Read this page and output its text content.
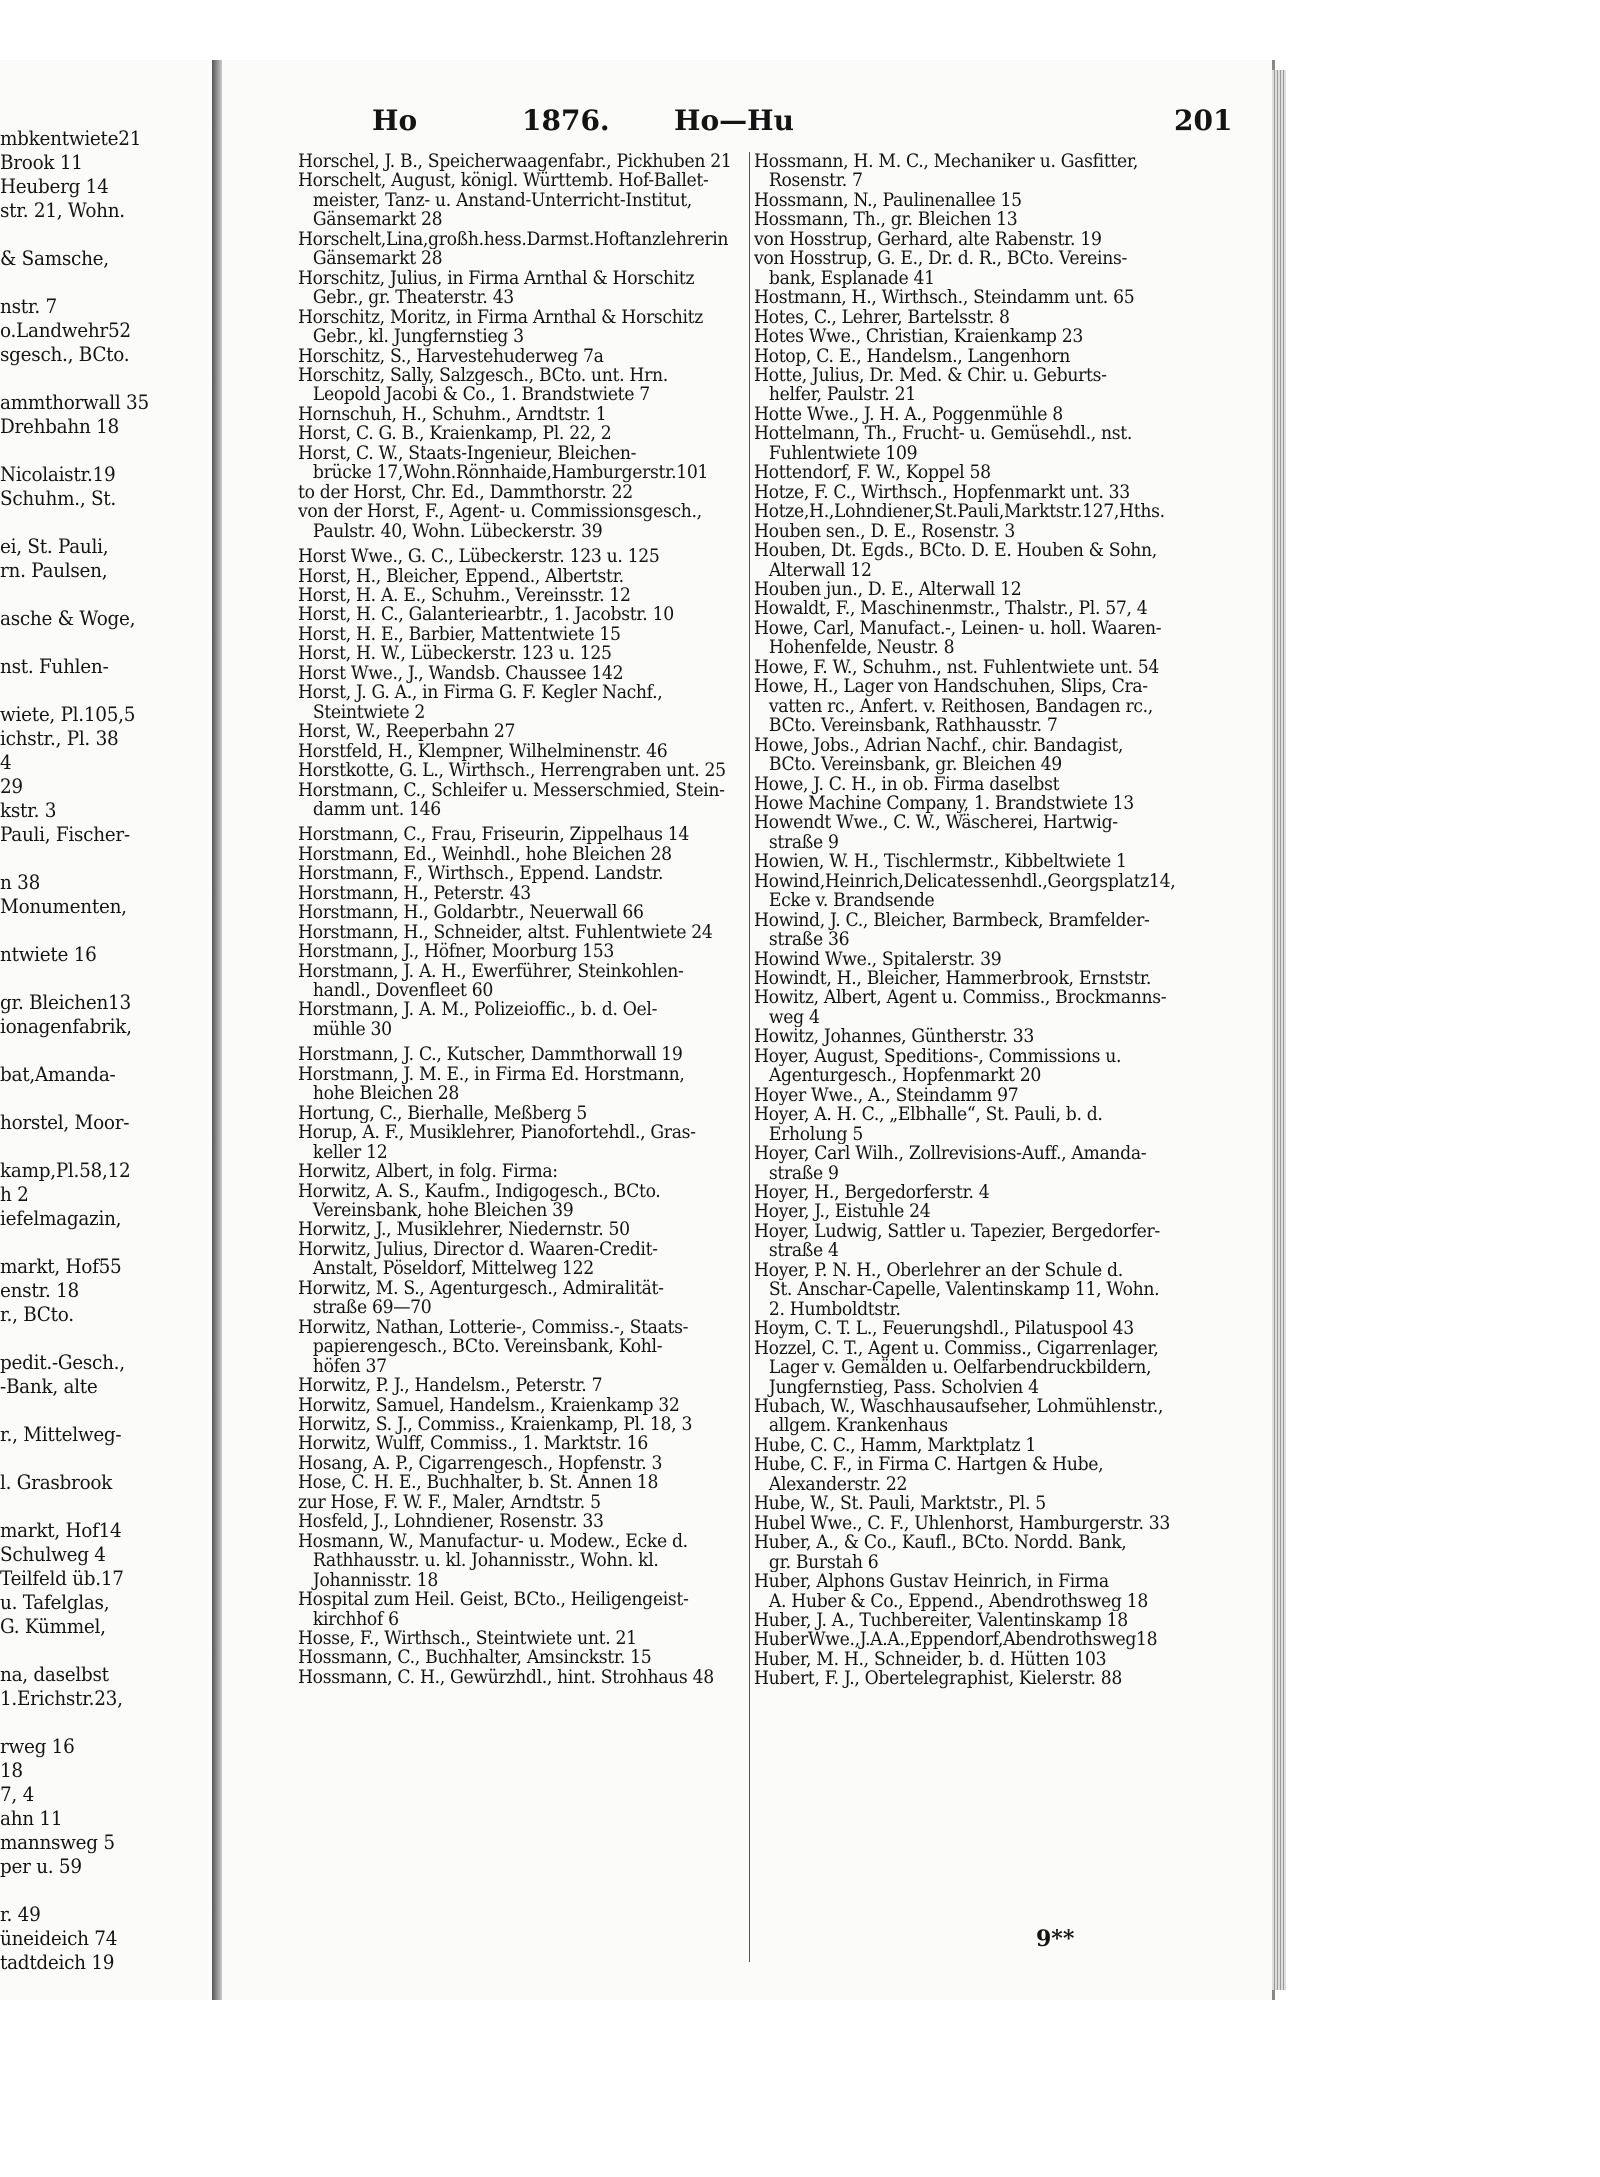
mbkentwiete21
Brook 11
Heuberg 14
str. 21, Wohn.
& Samsche,
nstr. 7
o.Landwehr52
sgesch., BCto.
ammthorwall 35
Drehbahn 18
Nicolaistr.19
Schuhm., St.
ei, St. Pauli,
rn. Paulsen,
asche & Woge,
nst. Fuhlen-
wiete, Pl.105,5
ichstr., Pl. 38
4
29
kstr. 3
Pauli, Fischer-
n 38
Monumenten,
ntwiete 16
gr. Bleichen13
ionagenfabrik,
bat,Amanda-
horstel, Moor-
kamp,Pl.58,12
h 2
iefelmagazin,
markt, Hof55
enstr. 18
r., BCto.
pedit.-Gesch.,
-Bank, alte
r., Mittelweg-
l. Grasbrook
markt, Hof14
Schulweg 4
Teilfeld üb.17
u. Tafelglas,
G. Kümmel,
na, daselbst
1.Erichstr.23,
rweg 16
18
7, 4
ahn 11
mannsweg 5
per u. 59
r. 49
üneideich 74
tadtdeich 19
Ho	1876. Ho—Hu	201
Horschel, J. B., Speicherwaagenfabr., Pickhuben 21
Horschelt, August, königl. Württemb. Hof-Ballet-
meister, Tanz- u. Anstand-Unterricht-Institut,
Gänsemarkt 28
Horschelt,Lina,großh.hess.Darmst.Hoftanzlehrerin
Gänsemarkt 28
Horschitz, Julius, in Firma Arnthal & Horschitz
Gebr., gr. Theaterstr. 43
Horschitz, Moritz, in Firma Arnthal & Horschitz
Gebr., kl. Jungfernstieg 3
Horschitz, S., Harvestehuderweg 7a
Horschitz, Sally, Salzgesch., BCto. unt. Hrn.
Leopold Jacobi & Co., 1. Brandstwiete 7
Hornschuh, H., Schuhm., Arndtstr. 1
Horst, C. G. B., Kraienkamp, Pl. 22, 2
Horst, C. W., Staats-Ingenieur, Bleichen-
brücke 17,Wohn.Rönnhaide,Hamburgerstr.101
to der Horst, Chr. Ed., Dammthorstr. 22
von der Horst, F., Agent- u. Commissionsgesch.,
Paulstr. 40, Wohn. Lübeckerstr. 39
Horst Wwe., G. C., Lübeckerstr. 123 u. 125
Horst, H., Bleicher, Eppend., Albertstr.
Horst, H. A. E., Schuhm., Vereinsstr. 12
Horst, H. C., Galanteriearbtr., 1. Jacobstr. 10
Horst, H. E., Barbier, Mattentwiete 15
Horst, H. W., Lübeckerstr. 123 u. 125
Horst Wwe., J., Wandsb. Chaussee 142
Horst, J. G. A., in Firma G. F. Kegler Nachf.,
Steintwiete 2
Horst, W., Reeperbahn 27
Horstfeld, H., Klempner, Wilhelminenstr. 46
Horstkotte, G. L., Wirthsch., Herrengraben unt. 25
Horstmann, C., Schleifer u. Messerschmied, Stein-
damm unt. 146
Horstmann, C., Frau, Friseurin, Zippelhaus 14
Horstmann, Ed., Weinhdl., hohe Bleichen 28
Horstmann, F., Wirthsch., Eppend. Landstr.
Horstmann, H., Peterstr. 43
Horstmann, H., Goldarbtr., Neuerwall 66
Horstmann, H., Schneider, altst. Fuhlentwiete 24
Horstmann, J., Höfner, Moorburg 153
Horstmann, J. A. H., Ewerführer, Steinkohlen-
handl., Dovenfleet 60
Horstmann, J. A. M., Polizeioffic., b. d. Oel-
mühle 30
Horstmann, J. C., Kutscher, Dammthorwall 19
Horstmann, J. M. E., in Firma Ed. Horstmann,
hohe Bleichen 28
Hortung, C., Bierhalle, Meßberg 5
Horup, A. F., Musiklehrer, Pianofortehdl., Gras-
keller 12
Horwitz, Albert, in folg. Firma:
Horwitz, A. S., Kaufm., Indigogesch., BCto.
Vereinsbank, hohe Bleichen 39
Horwitz, J., Musiklehrer, Niedernstr. 50
Horwitz, Julius, Director d. Waaren-Credit-
Anstalt, Pöseldorf, Mittelweg 122
Horwitz, M. S., Agenturgesch., Admiralität-
straße 69—70
Horwitz, Nathan, Lotterie-, Commiss.-, Staats-
papierengesch., BCto. Vereinsbank, Kohl-
höfen 37
Horwitz, P. J., Handelsm., Peterstr. 7
Horwitz, Samuel, Handelsm., Kraienkamp 32
Horwitz, S. J., Commiss., Kraienkamp, Pl. 18, 3
Horwitz, Wulff, Commiss., 1. Marktstr. 16
Hosang, A. P., Cigarrengesch., Hopfenstr. 3
Hose, C. H. E., Buchhalter, b. St. Annen 18
zur Hose, F. W. F., Maler, Arndtstr. 5
Hosfeld, J., Lohndiener, Rosenstr. 33
Hosmann, W., Manufactur- u. Modew., Ecke d.
Rathhausstr. u. kl. Johannisstr., Wohn. kl.
Johannisstr. 18
Hospital zum Heil. Geist, BCto., Heiligengeist-
kirchhof 6
Hosse, F., Wirthsch., Steintwiete unt. 21
Hossmann, C., Buchhalter, Amsinckstr. 15
Hossmann, C. H., Gewürzhdl., hint. Strohhaus 48
Hossmann, H. M. C., Mechaniker u. Gasfitter,
Rosenstr. 7
Hossmann, N., Paulinenallee 15
Hossmann, Th., gr. Bleichen 13
von Hosstrup, Gerhard, alte Rabenstr. 19
von Hosstrup, G. E., Dr. d. R., BCto. Vereins-
bank, Esplanade 41
Hostmann, H., Wirthsch., Steindamm unt. 65
Hotes, C., Lehrer, Bartelsstr. 8
Hotes Wwe., Christian, Kraienkamp 23
Hotop, C. E., Handelsm., Langenhorn
Hotte, Julius, Dr. Med. & Chir. u. Geburts-
helfer, Paulstr. 21
Hotte Wwe., J. H. A., Poggenmühle 8
Hottelmann, Th., Frucht- u. Gemüsehdl., nst.
Fuhlentwiete 109
Hottendorf, F. W., Koppel 58
Hotze, F. C., Wirthsch., Hopfenmarkt unt. 33
Hotze,H.,Lohndiener,St.Pauli,Marktstr.127,Hths.
Houben sen., D. E., Rosenstr. 3
Houben, Dt. Egds., BCto. D. E. Houben & Sohn,
Alterwall 12
Houben jun., D. E., Alterwall 12
Howaldt, F., Maschinenmstr., Thalstr., Pl. 57, 4
Howe, Carl, Manufact.-, Leinen- u. holl. Waaren-
Hohenfelde, Neustr. 8
Howe, F. W., Schuhm., nst. Fuhlentwiete unt. 54
Howe, H., Lager von Handschuhen, Slips, Cra-
vatten rc., Anfert. v. Reithosen, Bandagen rc.,
BCto. Vereinsbank, Rathhausstr. 7
Howe, Jobs., Adrian Nachf., chir. Bandagist,
BCto. Vereinsbank, gr. Bleichen 49
Howe, J. C. H., in ob. Firma daselbst
Howe Machine Company, 1. Brandstwiete 13
Howendt Wwe., C. W., Wäscherei, Hartwig-
straße 9
Howien, W. H., Tischlermstr., Kibbeltwiete 1
Howind,Heinrich,Delicatessenhdl.,Georgsplatz14,
Ecke v. Brandsende
Howind, J. C., Bleicher, Barmbeck, Bramfelder-
straße 36
Howind Wwe., Spitalerstr. 39
Howindt, H., Bleicher, Hammerbrook, Ernststr.
Howitz, Albert, Agent u. Commiss., Brockmanns-
weg 4
Howitz, Johannes, Güntherstr. 33
Hoyer, August, Speditions-, Commissions u.
Agenturgesch., Hopfenmarkt 20
Hoyer Wwe., A., Steindamm 97
Hoyer, A. H. C., „Elbhalle“, St. Pauli, b. d.
Erholung 5
Hoyer, Carl Wilh., Zollrevisions-Auff., Amanda-
straße 9
Hoyer, H., Bergedorferstr. 4
Hoyer, J., Eistuhle 24
Hoyer, Ludwig, Sattler u. Tapezier, Bergedorfer-
straße 4
Hoyer, P. N. H., Oberlehrer an der Schule d.
St. Anschar-Capelle, Valentinskamp 11, Wohn.
2. Humboldtstr.
Hoym, C. T. L., Feuerungshdl., Pilatuspool 43
Hozzel, C. T., Agent u. Commiss., Cigarrenlager,
Lager v. Gemälden u. Oelfarbendruckbildern,
Jungfernstieg, Pass. Scholvien 4
Hubach, W., Waschhausaufseher, Lohmühlenstr.,
allgem. Krankenhaus
Hube, C. C., Hamm, Marktplatz 1
Hube, C. F., in Firma C. Hartgen & Hube,
Alexanderstr. 22
Hube, W., St. Pauli, Marktstr., Pl. 5
Hubel Wwe., C. F., Uhlenhorst, Hamburgerstr. 33
Huber, A., & Co., Kaufl., BCto. Nordd. Bank,
gr. Burstah 6
Huber, Alphons Gustav Heinrich, in Firma
A. Huber & Co., Eppend., Abendrothsweg 18
Huber, J. A., Tuchbereiter, Valentinskamp 18
HuberWwe.,J.A.A.,Eppendorf,Abendrothsweg18
Huber, M. H., Schneider, b. d. Hütten 103
Hubert, F. J., Obertelegraphist, Kielerstr. 88
9**
